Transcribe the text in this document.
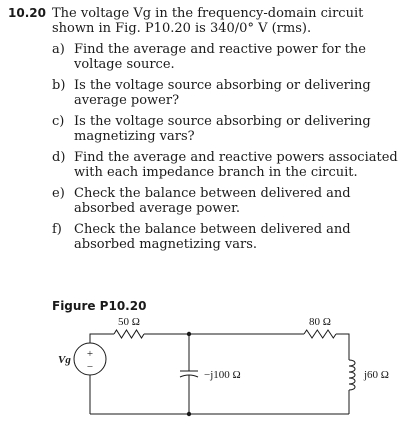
10.20 The voltage Vg in the frequency-domain circuit shown in Fig. P10.20 is 340/0° V (rms).
a) Find the average and reactive power for the voltage source.
b) Is the voltage source absorbing or delivering average power?
c) Is the voltage source absorbing or delivering magnetizing vars?
d) Find the average and reactive powers associated with each impedance branch in the circuit.
e) Check the balance between delivered and absorbed average power.
f) Check the balance between delivered and absorbed magnetizing vars.
Figure P10.20
+
−
Vg
50 Ω	80 Ω
−j100 Ω	j60 Ω
